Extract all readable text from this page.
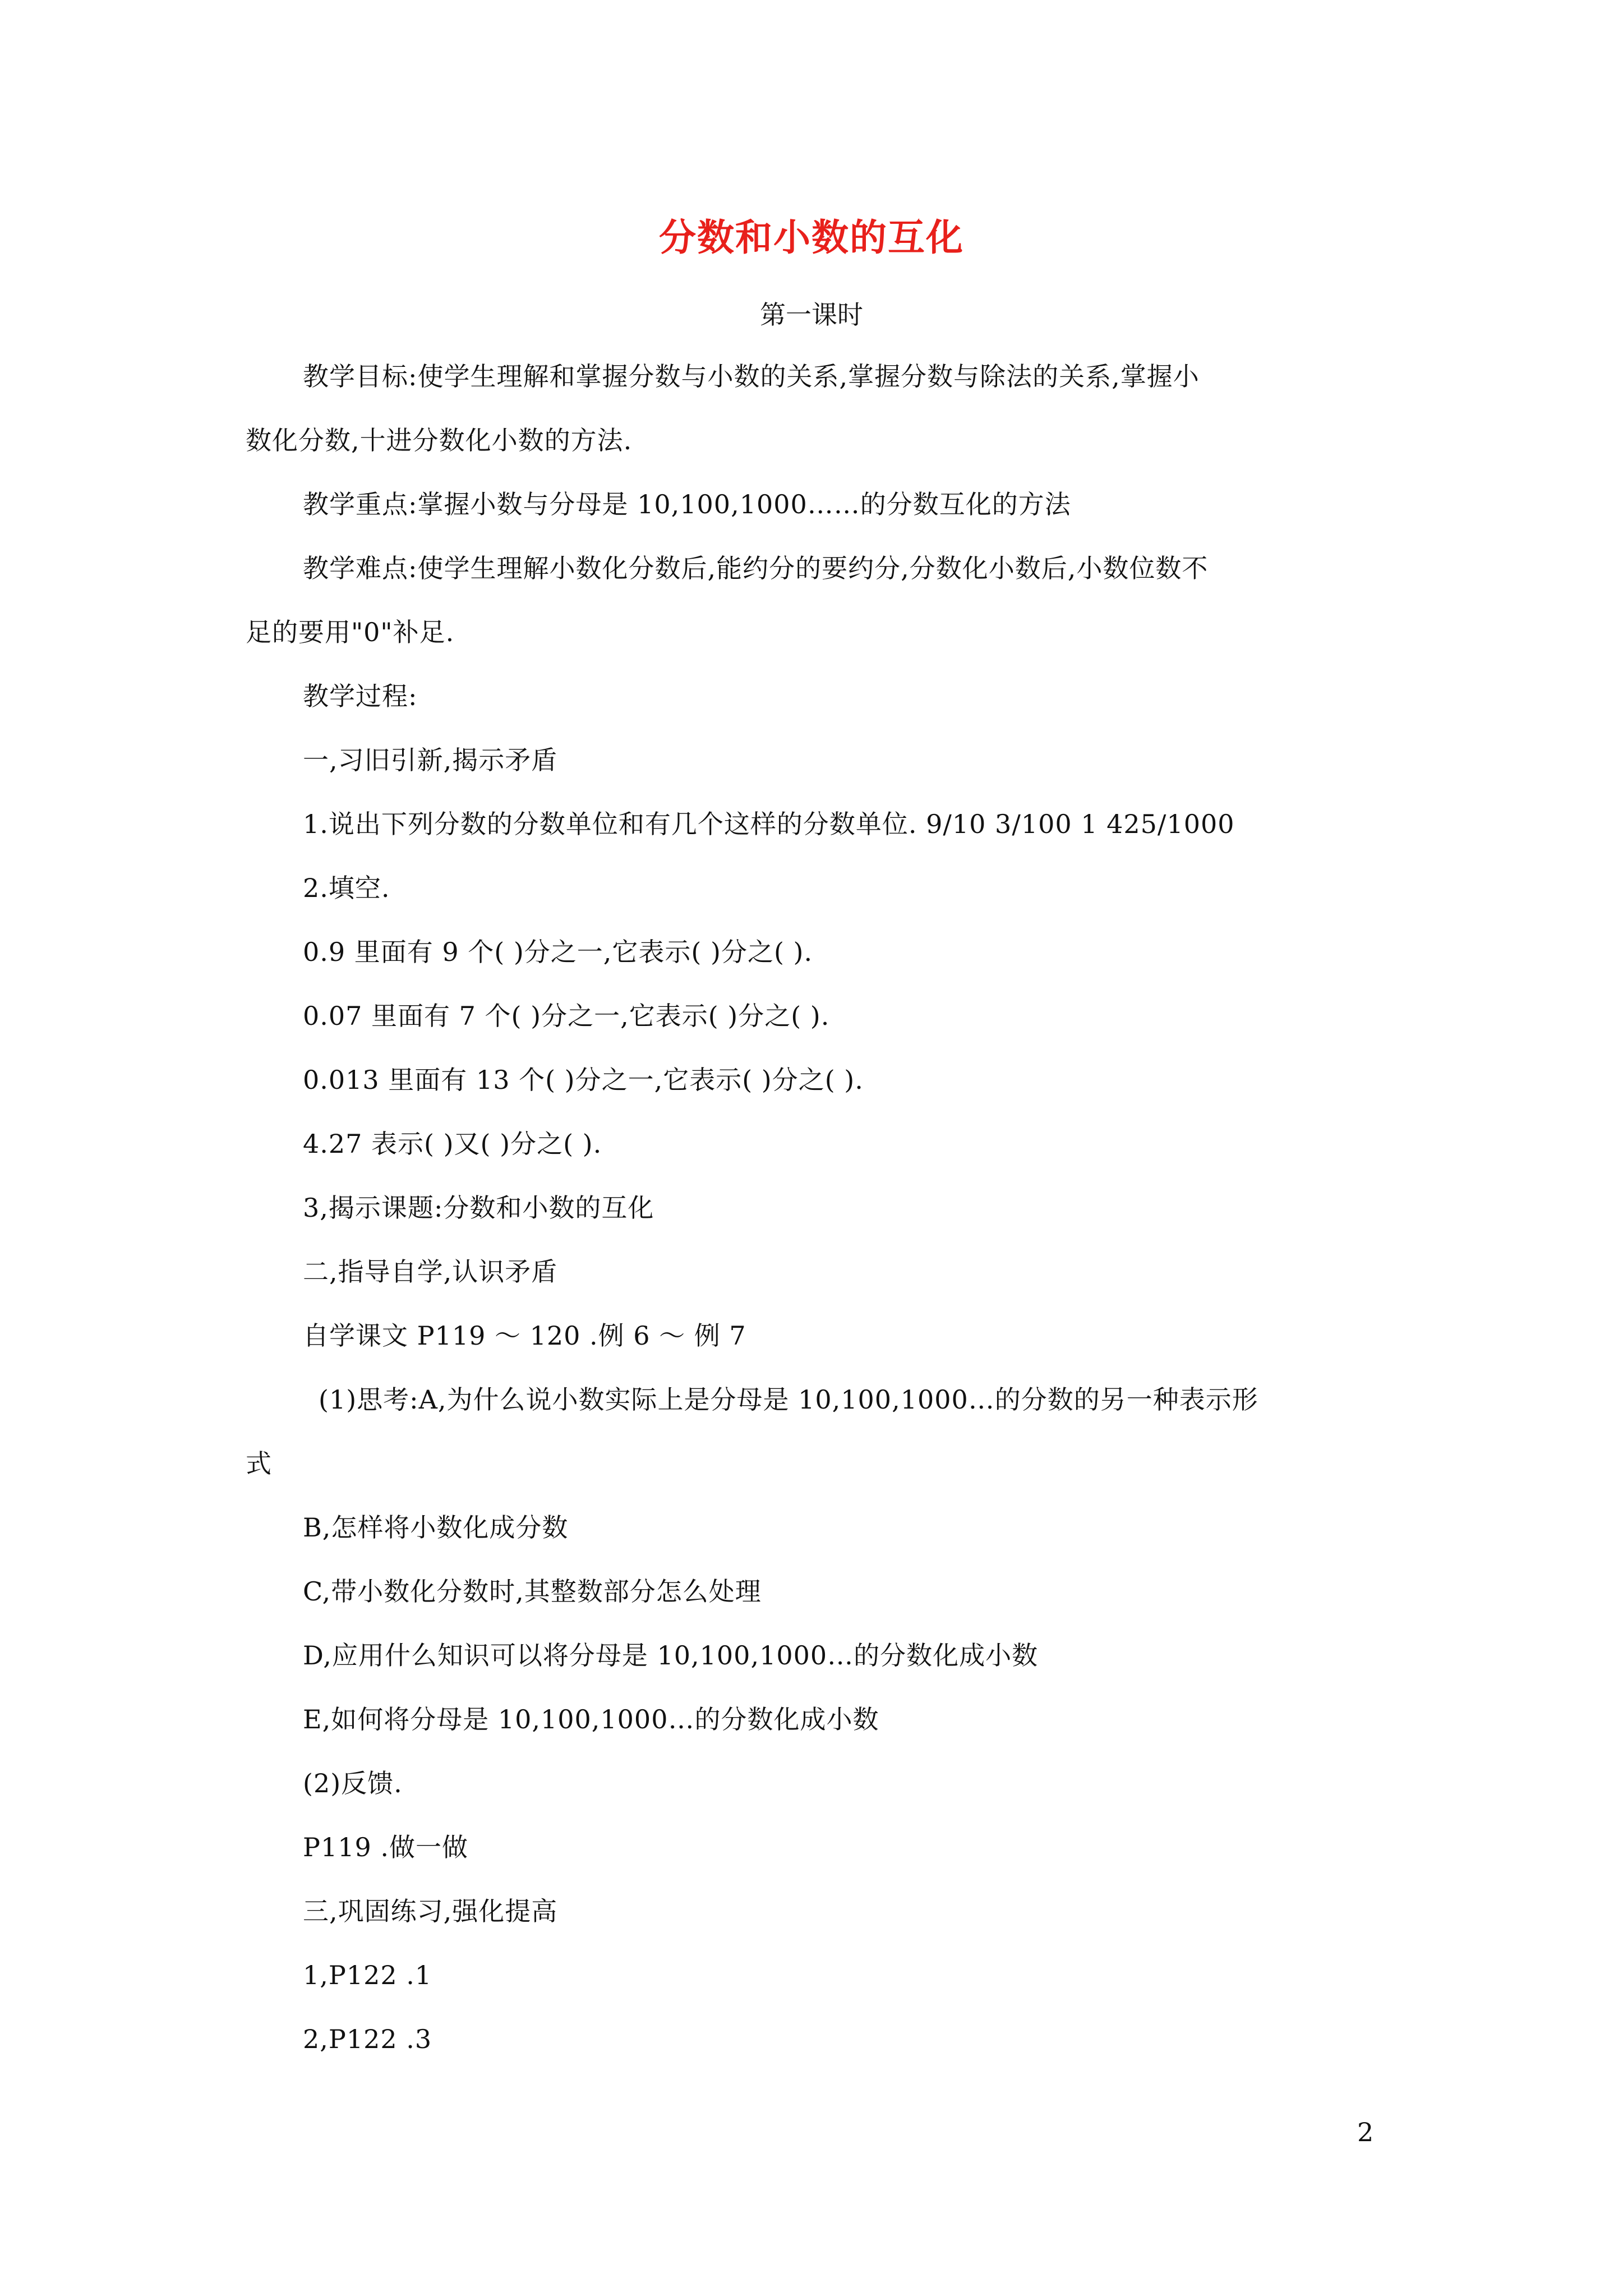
分数和小数的互化
第一课时
教学目标:使学生理解和掌握分数与小数的关系,掌握分数与除法的关系,掌握小
数化分数,十进分数化小数的方法.
教学重点:掌握小数与分母是 10,100,1000……的分数互化的方法
教学难点:使学生理解小数化分数后,能约分的要约分,分数化小数后,小数位数不
足的要用"0"补足.
教学过程:
一,习旧引新,揭示矛盾
1.说出下列分数的分数单位和有几个这样的分数单位. 9/10 3/100 1 425/1000
2.填空.
0.9 里面有 9 个( )分之一,它表示( )分之( ).
0.07 里面有 7 个( )分之一,它表示( )分之( ).
0.013 里面有 13 个( )分之一,它表示( )分之( ).
4.27 表示( )又( )分之( ).
3,揭示课题:分数和小数的互化
二,指导自学,认识矛盾
自学课文 P119 ～ 120 .例 6 ～ 例 7
(1)思考:A,为什么说小数实际上是分母是 10,100,1000…的分数的另一种表示形
式
B,怎样将小数化成分数
C,带小数化分数时,其整数部分怎么处理
D,应用什么知识可以将分母是 10,100,1000…的分数化成小数
E,如何将分母是 10,100,1000…的分数化成小数
(2)反馈.
P119 .做一做
三,巩固练习,强化提高
1,P122 .1
2,P122 .3
2
